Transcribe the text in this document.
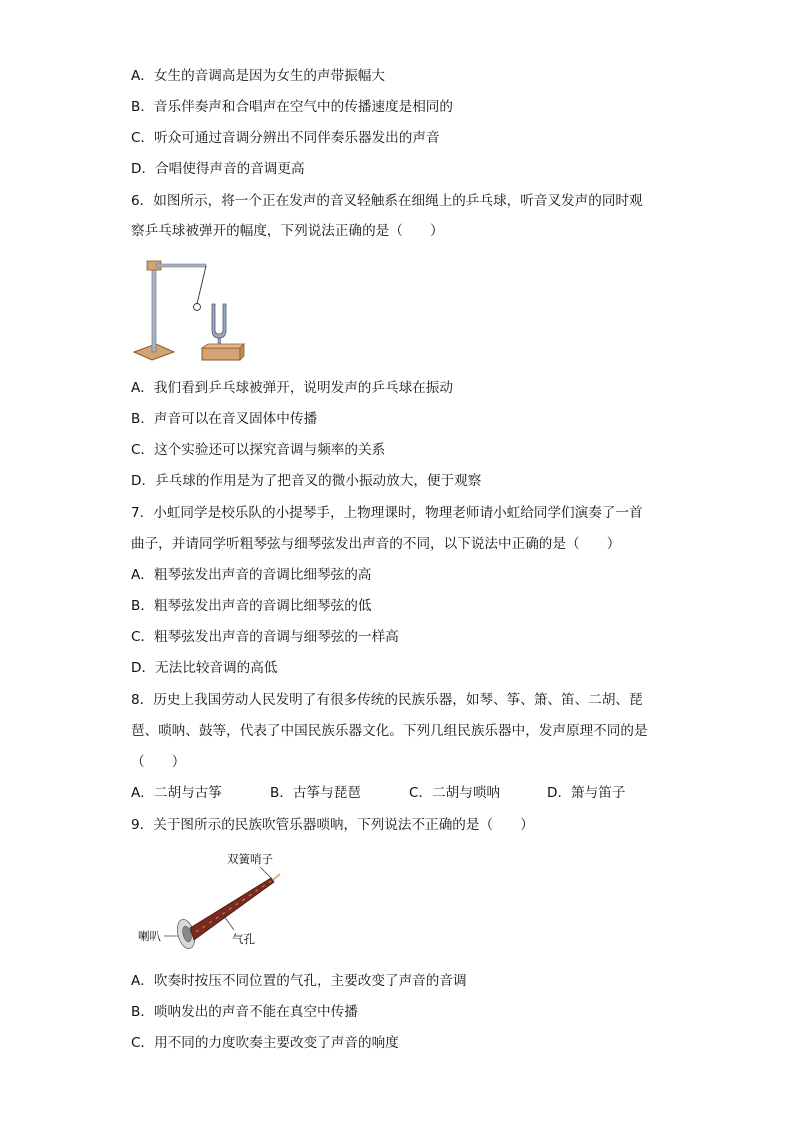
A．女生的音调高是因为女生的声带振幅大
B．音乐伴奏声和合唱声在空气中的传播速度是相同的
C．听众可通过音调分辨出不同伴奏乐器发出的声音
D．合唱使得声音的音调更高
6．如图所示，将一个正在发声的音叉轻触系在细绳上的乒乓球，听音叉发声的同时观
察乒乓球被弹开的幅度，下列说法正确的是（　　）
A．我们看到乒乓球被弹开，说明发声的乒乓球在振动
B．声音可以在音叉固体中传播
C．这个实验还可以探究音调与频率的关系
D．乒乓球的作用是为了把音叉的微小振动放大，便于观察
7．小虹同学是校乐队的小提琴手，上物理课时，物理老师请小虹给同学们演奏了一首
曲子，并请同学听粗琴弦与细琴弦发出声音的不同，以下说法中正确的是（　　）
A．粗琴弦发出声音的音调比细琴弦的高
B．粗琴弦发出声音的音调比细琴弦的低
C．粗琴弦发出声音的音调与细琴弦的一样高
D．无法比较音调的高低
8．历史上我国劳动人民发明了有很多传统的民族乐器，如琴、筝、箫、笛、二胡、琵
琶、唢呐、鼓等，代表了中国民族乐器文化。下列几组民族乐器中，发声原理不同的是
（　　）
A．二胡与古筝	B．古筝与琵琶	C．二胡与唢呐	D．箫与笛子
9．关于图所示的民族吹管乐器唢呐，下列说法不正确的是（　　）
双簧哨子
喇叭	气孔
A．吹奏时按压不同位置的气孔，主要改变了声音的音调
B．唢呐发出的声音不能在真空中传播
C．用不同的力度吹奏主要改变了声音的响度
